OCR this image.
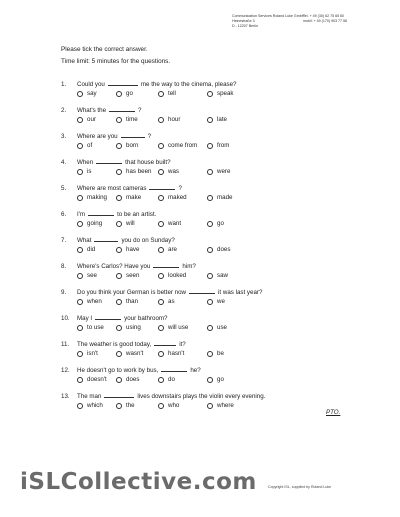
Communication Services Roland Luke GmbH
Tel. + 49 (30) 62 75 65 60
Heinestraße 3	mobil: + 49 (170) 903 77 56
D - 12207 Berlin
Please tick the correct answer.
Time limit: 5 minutes for the questions.
1.	Could you	me the way to the cinema, please?
say	go	tell	speak
2.	What's the	?
our	time	hour	late
3.	Where are you	?
of	born	come from	from
4.	When	that house built?
is	has been	was	were
5.	Where are most cameras	?
making	make	maked	made
6.	I'm	to be an artist.
going	will	want	go
7.	What	you do on Sunday?
did	have	are	does
8.	Where's Carlos? Have you	him?
see	seen	looked	saw
9.	Do you think your German is better now	it was last year?
when	than	as	we
10.	May I	your bathroom?
to use	using	will use	use
11.	The weather is good today,	it?
isn't	wasn't	hasn't	be
12.	He doesn't go to work by bus,	he?
doesn't	does	do	go
13.	The man	lives downstairs plays the violin every evening.
which	the	who	where
PTO.
iSLCollective.com	Copyright ISL, supplied by Roland Luke
